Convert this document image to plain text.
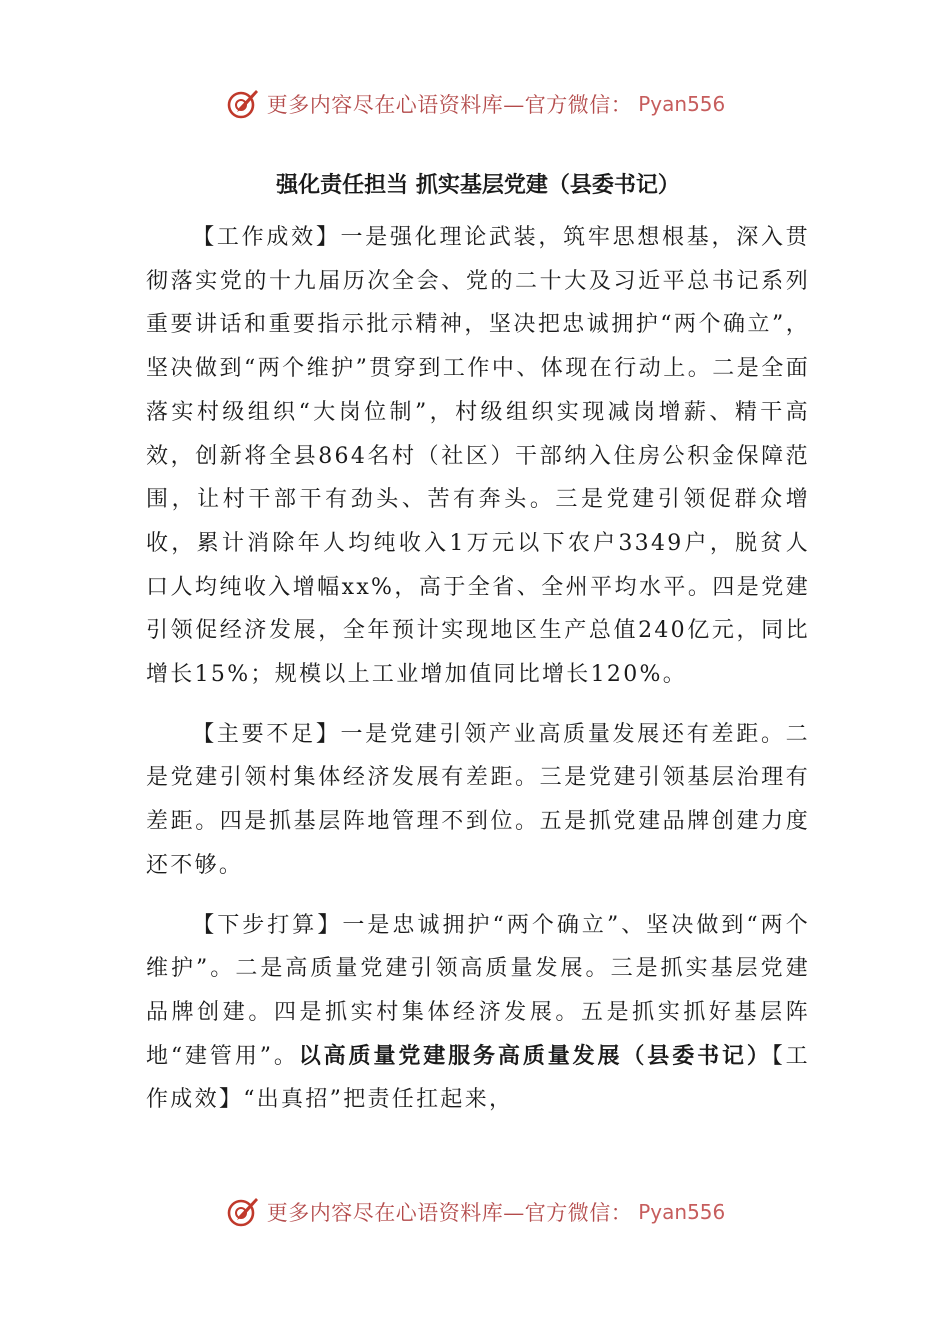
更多内容尽在心语资料库—官方微信： Pyan556
强化责任担当 抓实基层党建（县委书记）

【工作成效】一是强化理论武装，筑牢思想根基，深入贯彻落实党的十九届历次全会、党的二十大及习近平总书记系列重要讲话和重要指示批示精神，坚决把忠诚拥护“两个确立”，坚决做到“两个维护”贯穿到工作中、体现在行动上。二是全面落实村级组织“大岗位制”，村级组织实现减岗增薪、精干高效，创新将全县864名村（社区）干部纳入住房公积金保障范围，让村干部干有劲头、苦有奔头。三是党建引领促群众增收，累计消除年人均纯收入1万元以下农户3349户，脱贫人口人均纯收入增幅xx%，高于全省、全州平均水平。四是党建引领促经济发展，全年预计实现地区生产总值240亿元，同比增长15%；规模以上工业增加值同比增长120%。

【主要不足】一是党建引领产业高质量发展还有差距。二是党建引领村集体经济发展有差距。三是党建引领基层治理有差距。四是抓基层阵地管理不到位。五是抓党建品牌创建力度还不够。

【下步打算】一是忠诚拥护“两个确立”、坚决做到“两个维护”。二是高质量党建引领高质量发展。三是抓实基层党建品牌创建。四是抓实村集体经济发展。五是抓实抓好基层阵地“建管用”。以高质量党建服务高质量发展（县委书记）【工作成效】“出真招”把责任扛起来，

更多内容尽在心语资料库—官方微信： Pyan556
